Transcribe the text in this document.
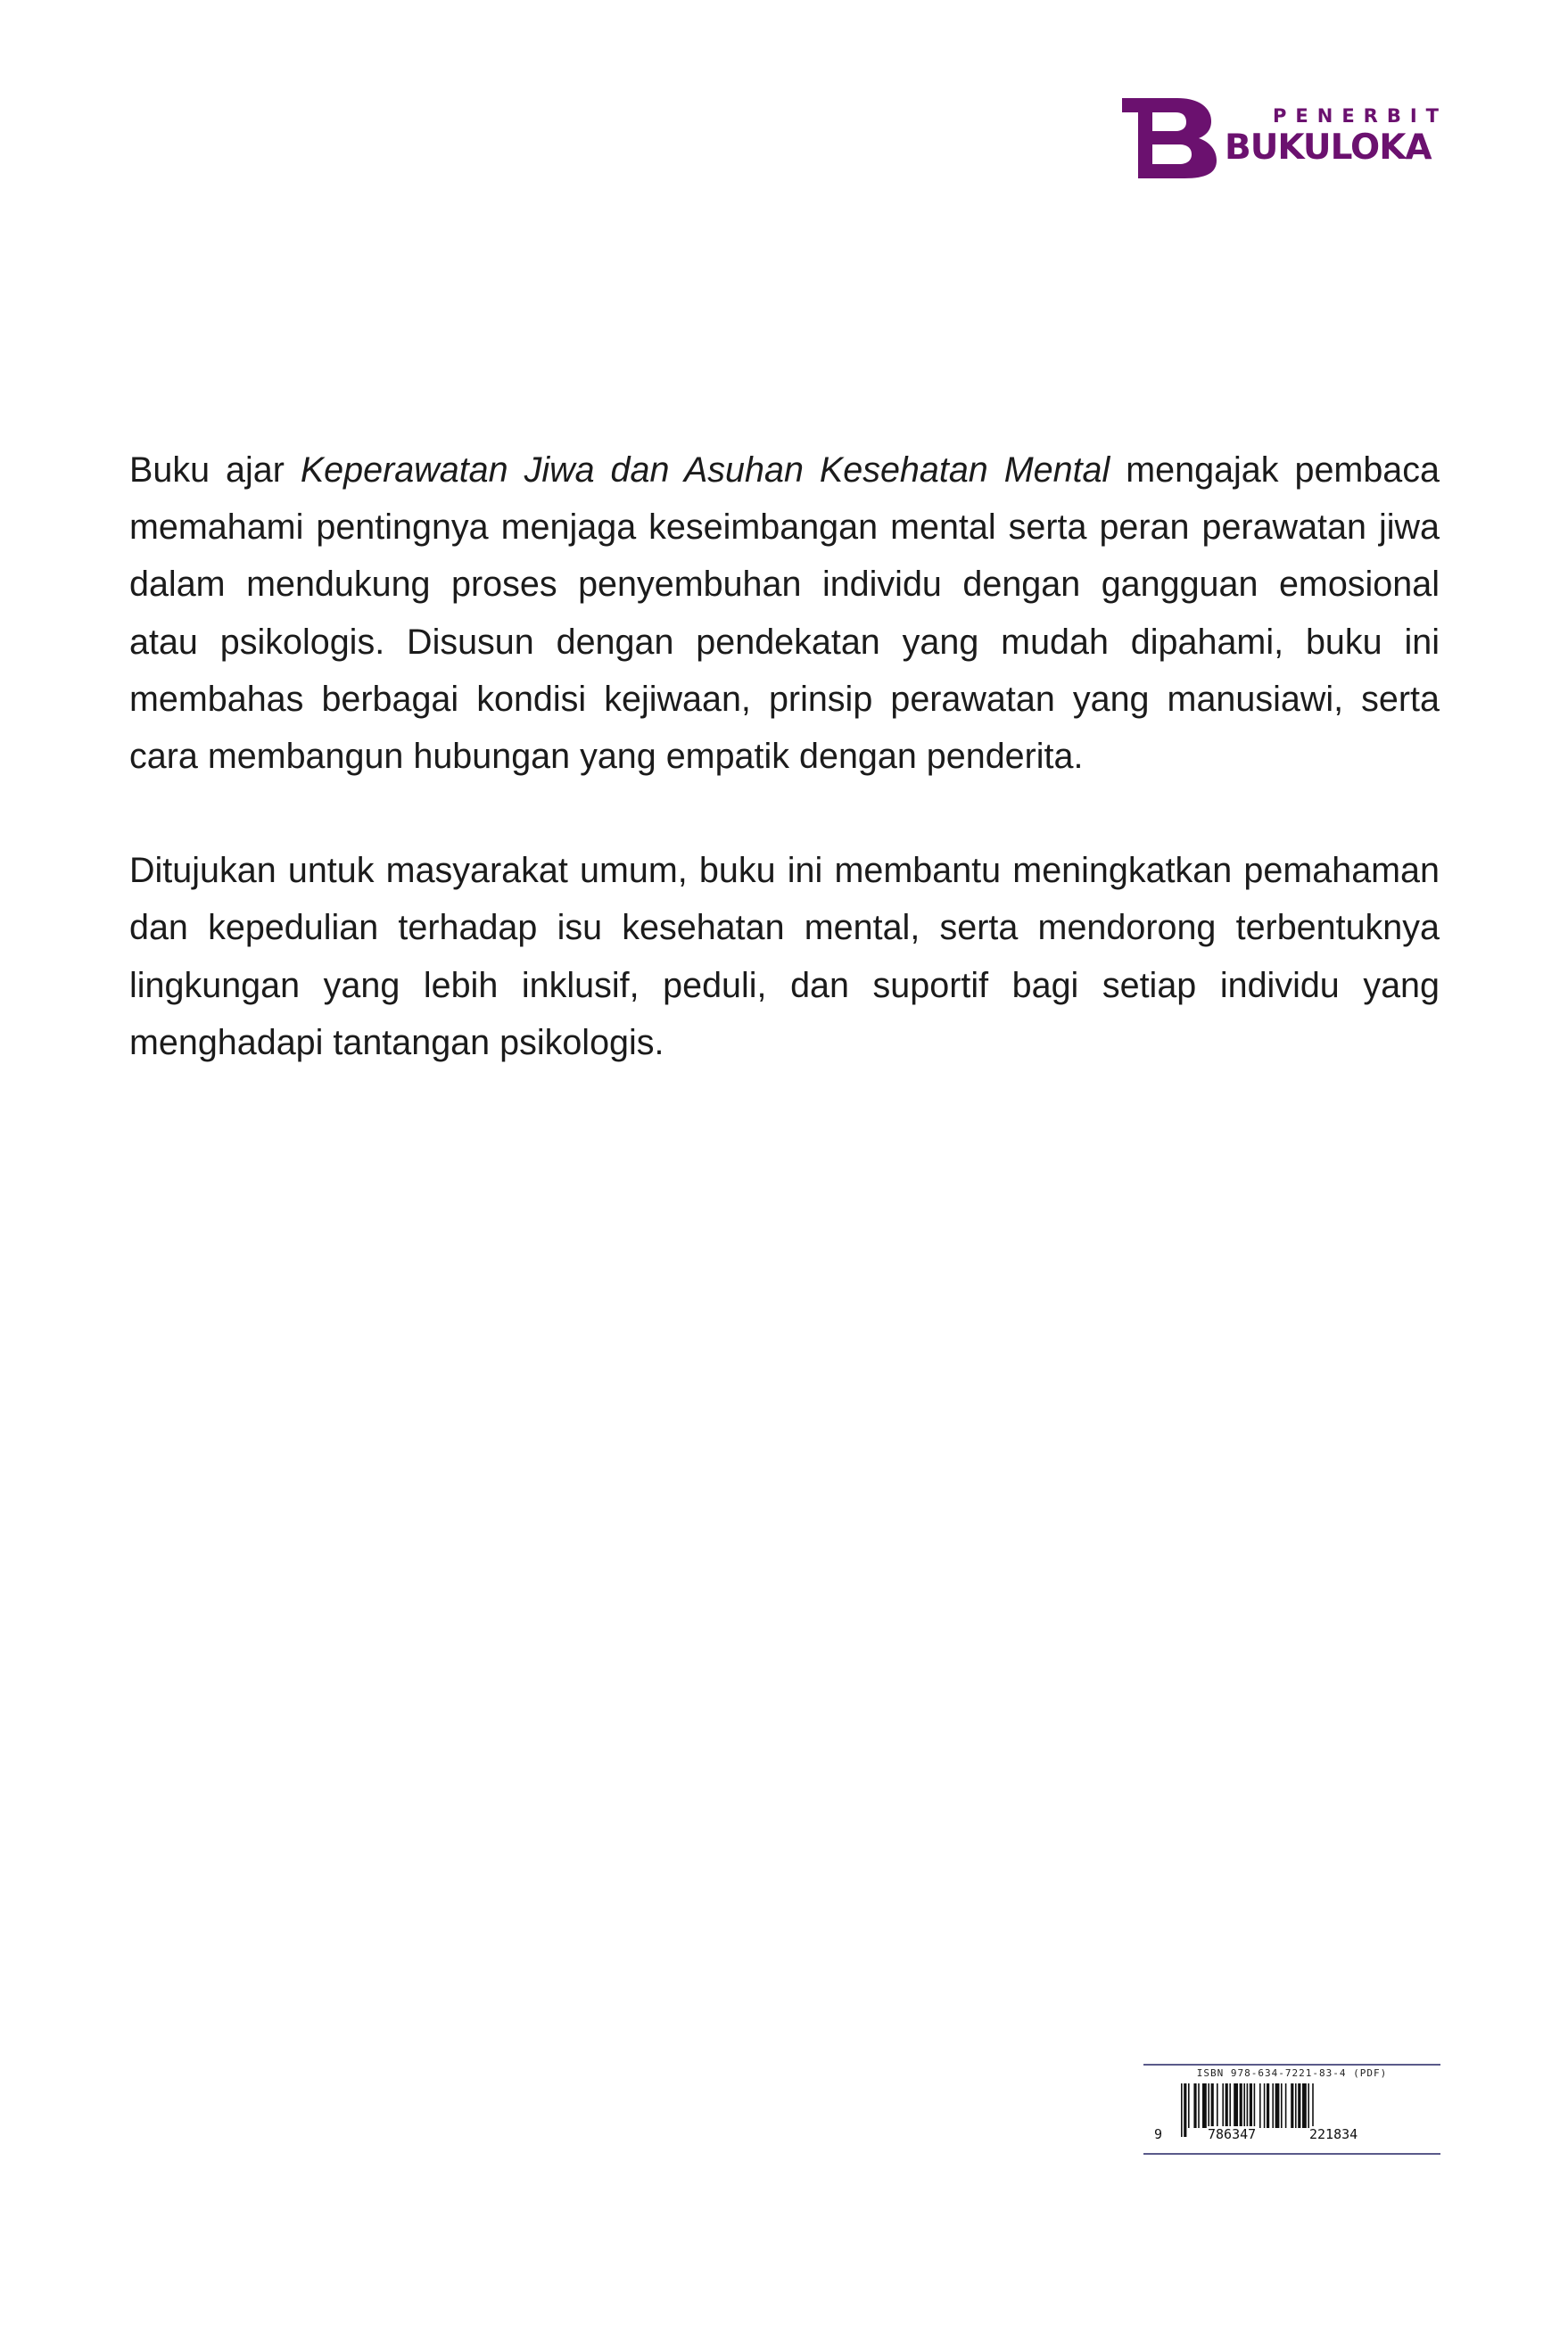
PENERBIT
BUKULOKA

Buku ajar Keperawatan Jiwa dan Asuhan Kesehatan Mental mengajak pembaca memahami pentingnya menjaga keseimbangan mental serta peran perawatan jiwa dalam mendukung proses penyembuhan individu dengan gangguan emosional atau psikologis. Disusun dengan pendekatan yang mudah dipahami, buku ini membahas berbagai kondisi kejiwaan, prinsip perawatan yang manusiawi, serta cara membangun hubungan yang empatik dengan penderita.

Ditujukan untuk masyarakat umum, buku ini membantu meningkatkan pemahaman dan kepedulian terhadap isu kesehatan mental, serta mendorong terbentuknya lingkungan yang lebih inklusif, peduli, dan suportif bagi setiap individu yang menghadapi tantangan psikologis.

ISBN 978-634-7221-83-4 (PDF)
9	786347	221834
